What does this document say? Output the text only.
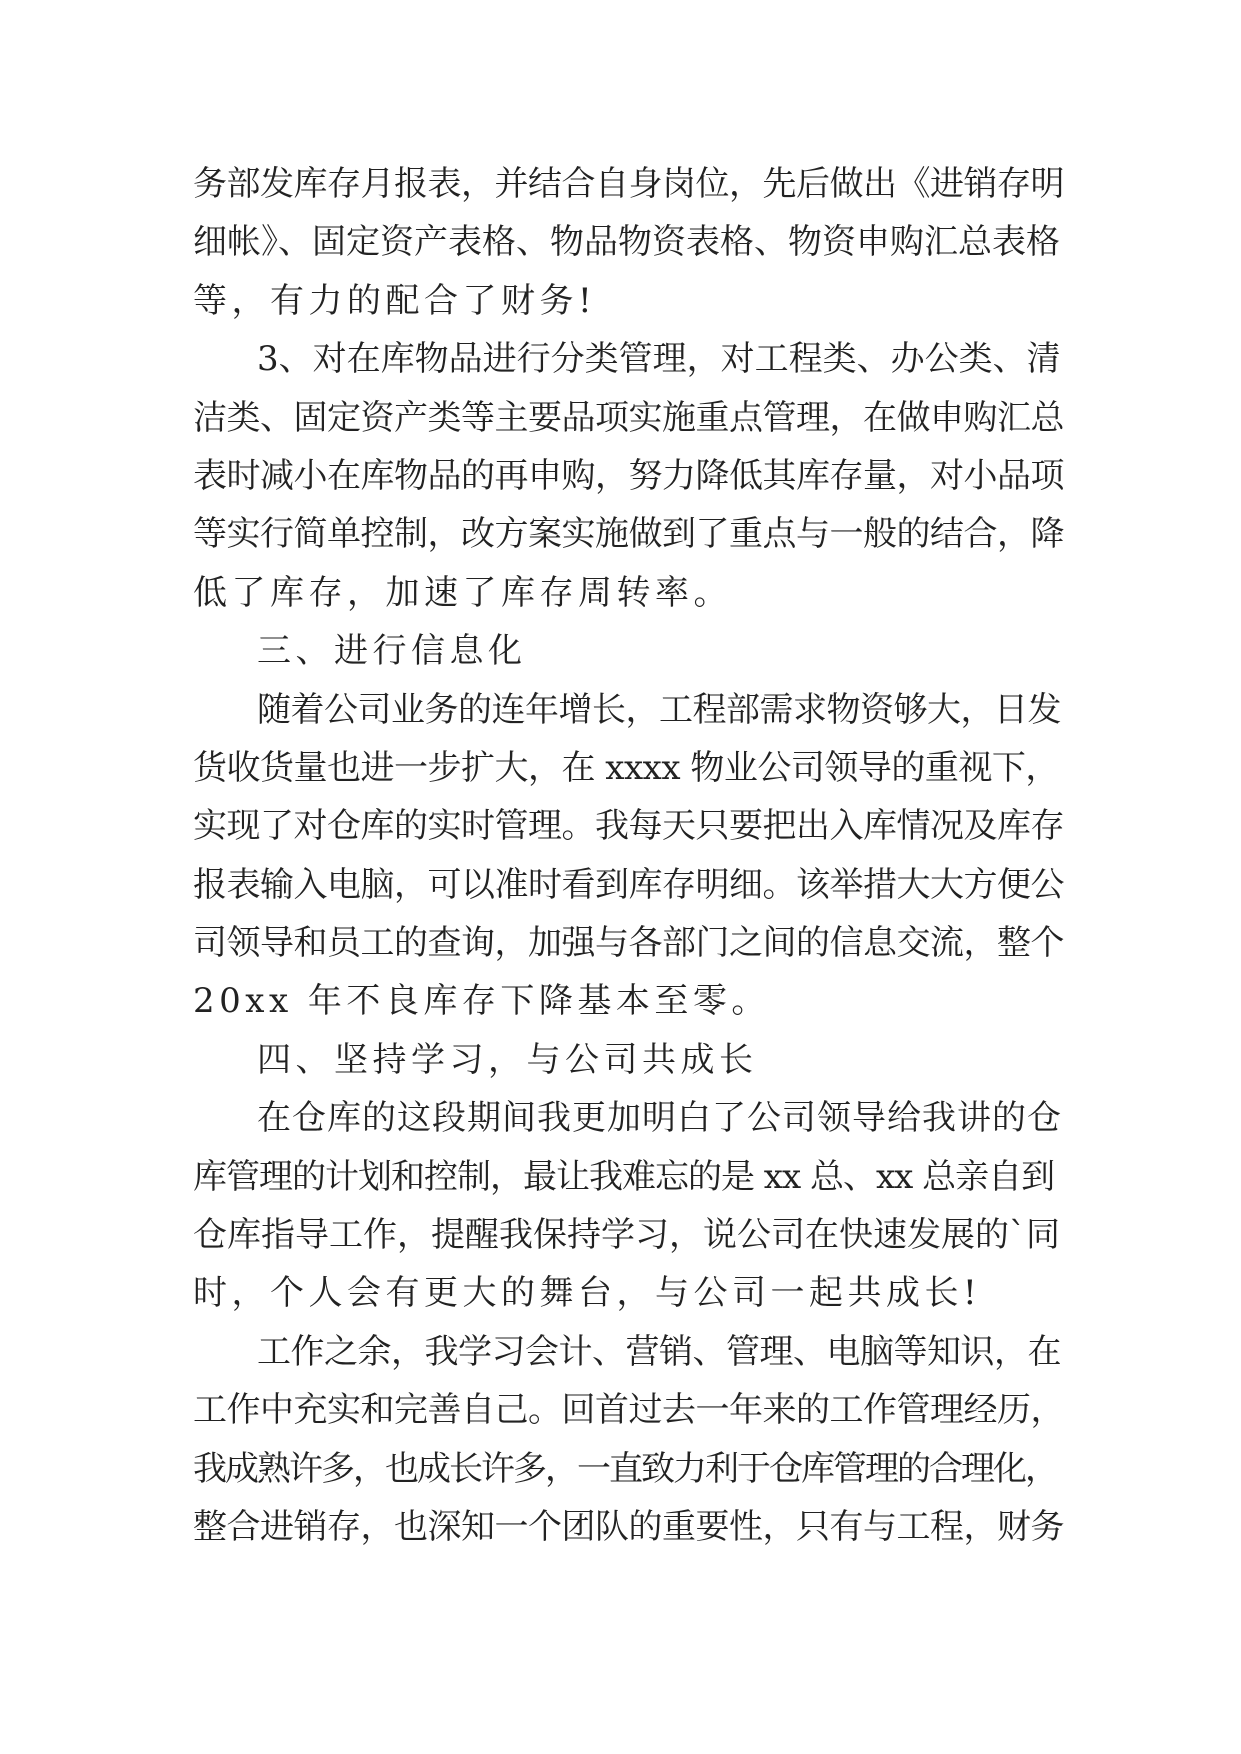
务部发库存月报表，并结合自身岗位，先后做出《进销存明
细帐》、固定资产表格、物品物资表格、物资申购汇总表格
等，有力的配合了财务!
3、对在库物品进行分类管理，对工程类、办公类、清
洁类、固定资产类等主要品项实施重点管理，在做申购汇总
表时减小在库物品的再申购，努力降低其库存量，对小品项
等实行简单控制，改方案实施做到了重点与一般的结合，降
低了库存，加速了库存周转率。
三、进行信息化
随着公司业务的连年增长，工程部需求物资够大，日发
货收货量也进一步扩大，在 xxxx 物业公司领导的重视下，
实现了对仓库的实时管理。我每天只要把出入库情况及库存
报表输入电脑，可以准时看到库存明细。该举措大大方便公
司领导和员工的查询，加强与各部门之间的信息交流，整个
20xx 年不良库存下降基本至零。
四、坚持学习，与公司共成长
在仓库的这段期间我更加明白了公司领导给我讲的仓
库管理的计划和控制，最让我难忘的是 xx 总、xx 总亲自到
仓库指导工作，提醒我保持学习，说公司在快速发展的`同
时，个人会有更大的舞台，与公司一起共成长!
工作之余，我学习会计、营销、管理、电脑等知识，在
工作中充实和完善自己。回首过去一年来的工作管理经历，
我成熟许多，也成长许多，一直致力利于仓库管理的合理化，
整合进销存，也深知一个团队的重要性，只有与工程，财务
